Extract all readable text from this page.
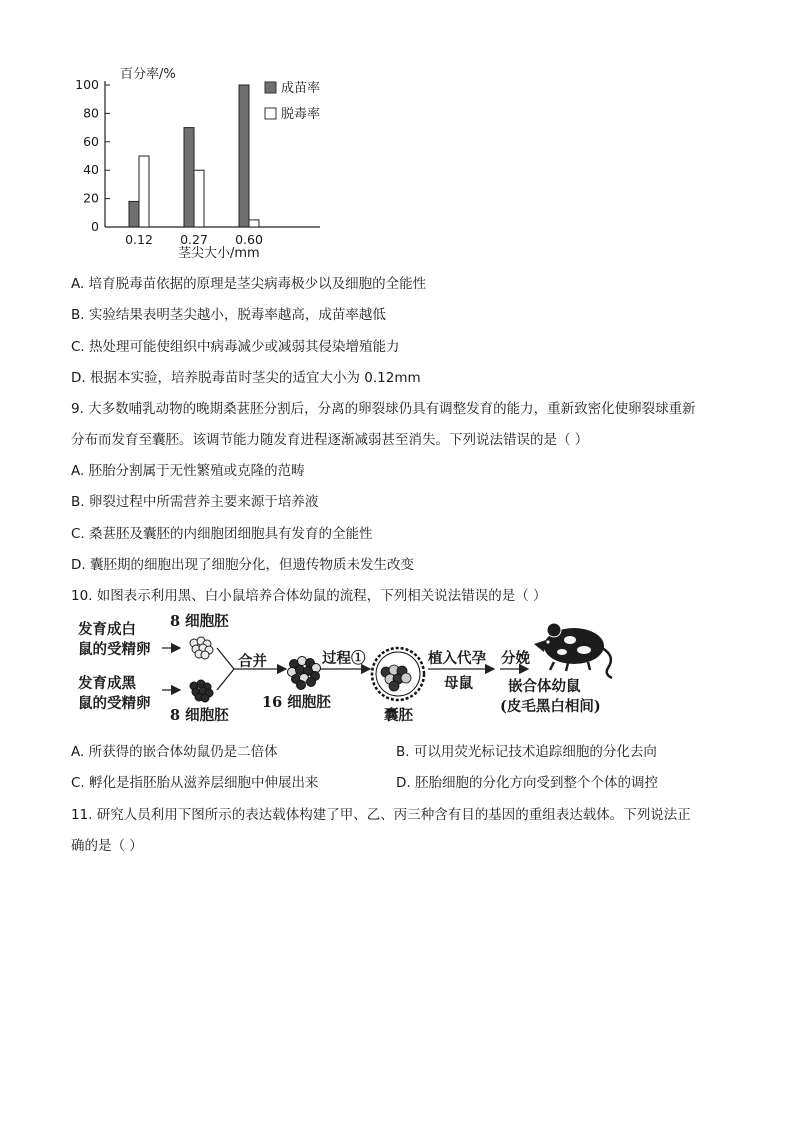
百分率/%
0
20
40
60
80
100
0.12 0.27 0.60
茎尖大小/mm
成苗率
脱毒率
A. 培育脱毒苗依据的原理是茎尖病毒极少以及细胞的全能性
B. 实验结果表明茎尖越小，脱毒率越高，成苗率越低
C. 热处理可能使组织中病毒减少或减弱其侵染增殖能力
D. 根据本实验，培养脱毒苗时茎尖的适宜大小为 0.12mm
9. 大多数哺乳动物的晚期桑葚胚分割后，分离的卵裂球仍具有调整发育的能力，重新致密化使卵裂球重新
分布而发育至囊胚。该调节能力随发育进程逐渐减弱甚至消失。下列说法错误的是（ ）
A. 胚胎分割属于无性繁殖或克隆的范畴
B. 卵裂过程中所需营养主要来源于培养液
C. 桑葚胚及囊胚的内细胞团细胞具有发育的全能性
D. 囊胚期的细胞出现了细胞分化，但遗传物质未发生改变
10. 如图表示利用黑、白小鼠培养合体幼鼠的流程，下列相关说法错误的是（ ）
发育成白
鼠的受精卵
发育成黑
鼠的受精卵
8 细胞胚
8 细胞胚
合并
16 细胞胚
过程①
囊胚
植入代孕
母鼠
分娩
嵌合体幼鼠
(皮毛黑白相间)
A. 所获得的嵌合体幼鼠仍是二倍体	B. 可以用荧光标记技术追踪细胞的分化去向
C. 孵化是指胚胎从滋养层细胞中伸展出来	D. 胚胎细胞的分化方向受到整个个体的调控
11. 研究人员利用下图所示的表达载体构建了甲、乙、丙三种含有目的基因的重组表达载体。下列说法正
确的是（ ）
